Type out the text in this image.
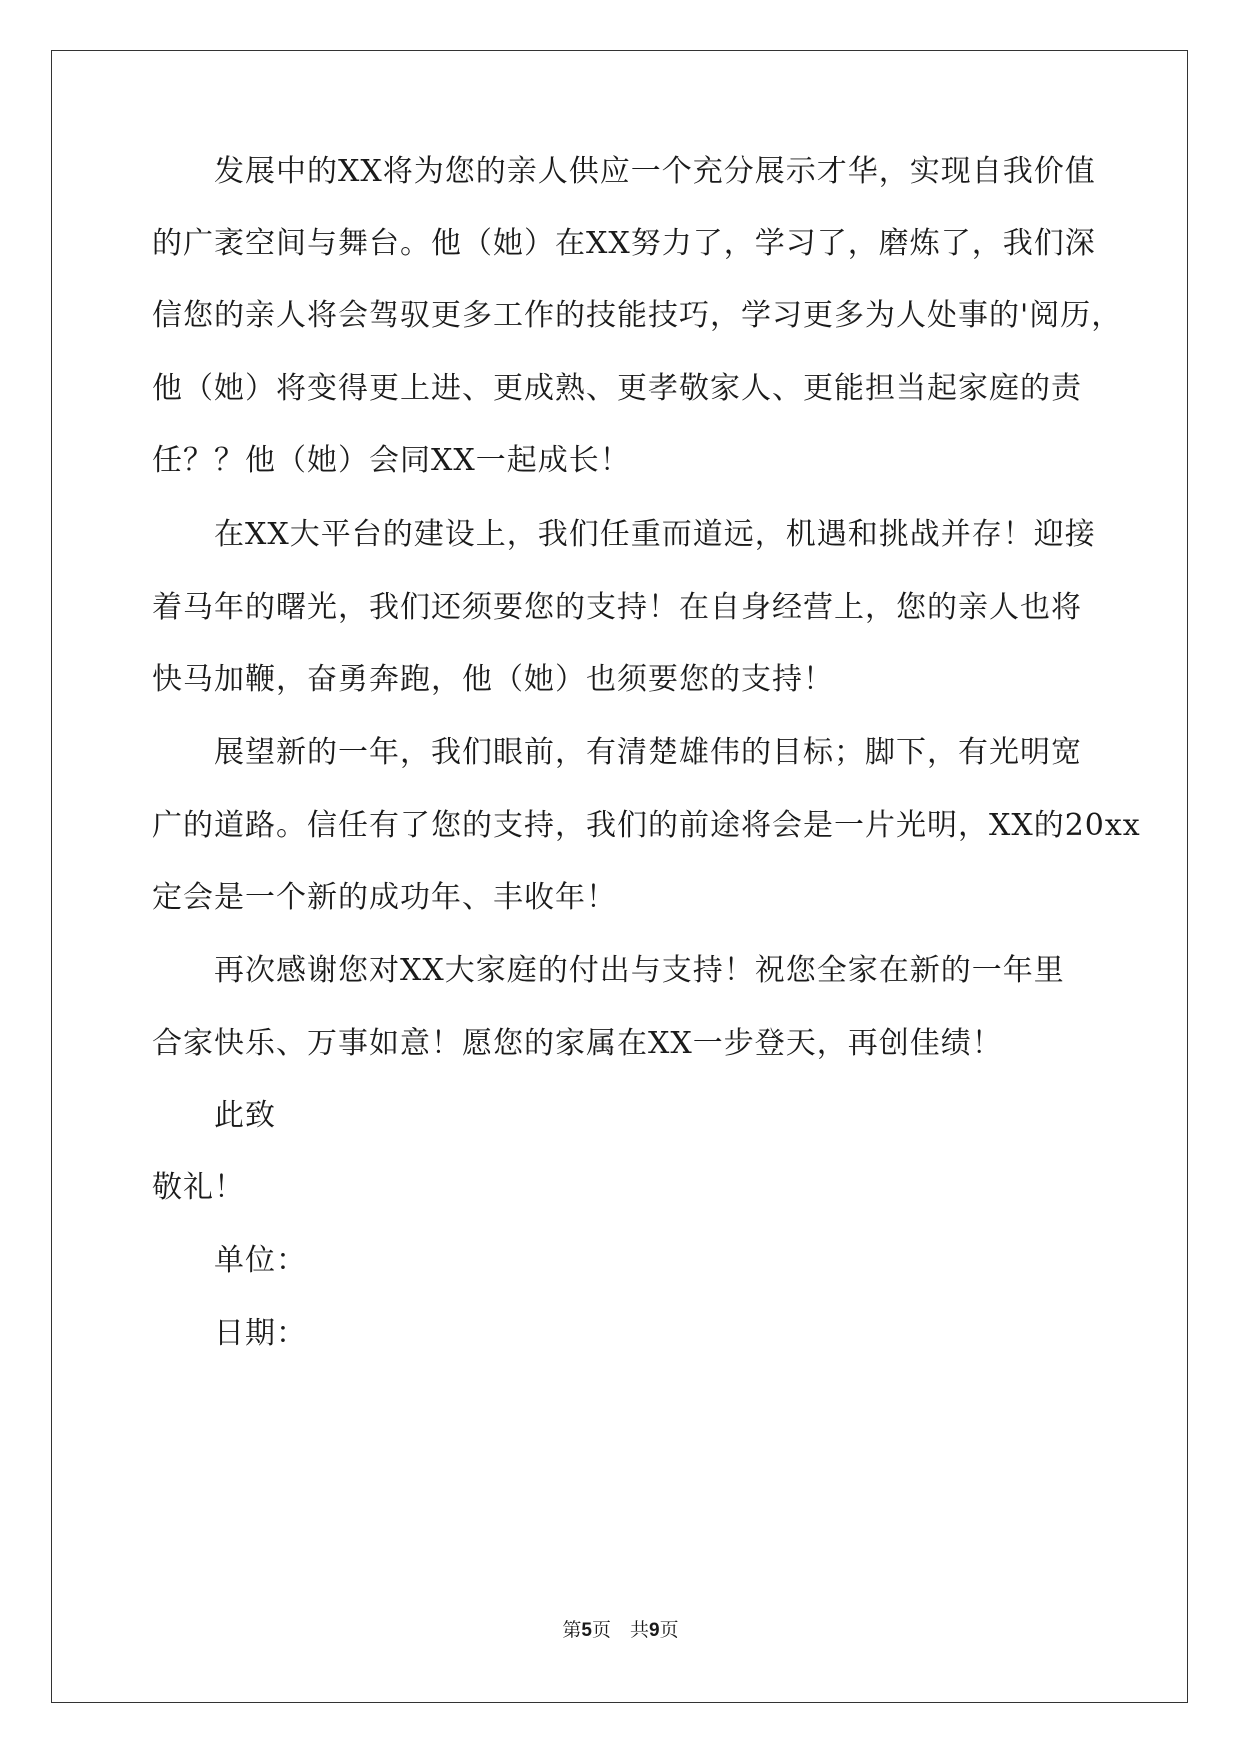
发展中的XX将为您的亲人供应一个充分展示才华，实现自我价值
的广袤空间与舞台。他（她）在XX努力了，学习了，磨炼了，我们深
信您的亲人将会驾驭更多工作的技能技巧，学习更多为人处事的'阅历，
他（她）将变得更上进、更成熟、更孝敬家人、更能担当起家庭的责
任？？他（她）会同XX一起成长！
在XX大平台的建设上，我们任重而道远，机遇和挑战并存！迎接
着马年的曙光，我们还须要您的支持！在自身经营上，您的亲人也将
快马加鞭，奋勇奔跑，他（她）也须要您的支持！
展望新的一年，我们眼前，有清楚雄伟的目标；脚下，有光明宽
广的道路。信任有了您的支持，我们的前途将会是一片光明，XX的20xx
定会是一个新的成功年、丰收年！
再次感谢您对XX大家庭的付出与支持！祝您全家在新的一年里
合家快乐、万事如意！愿您的家属在XX一步登天，再创佳绩！
此致
敬礼！
单位：
日期：
第5页　共9页
